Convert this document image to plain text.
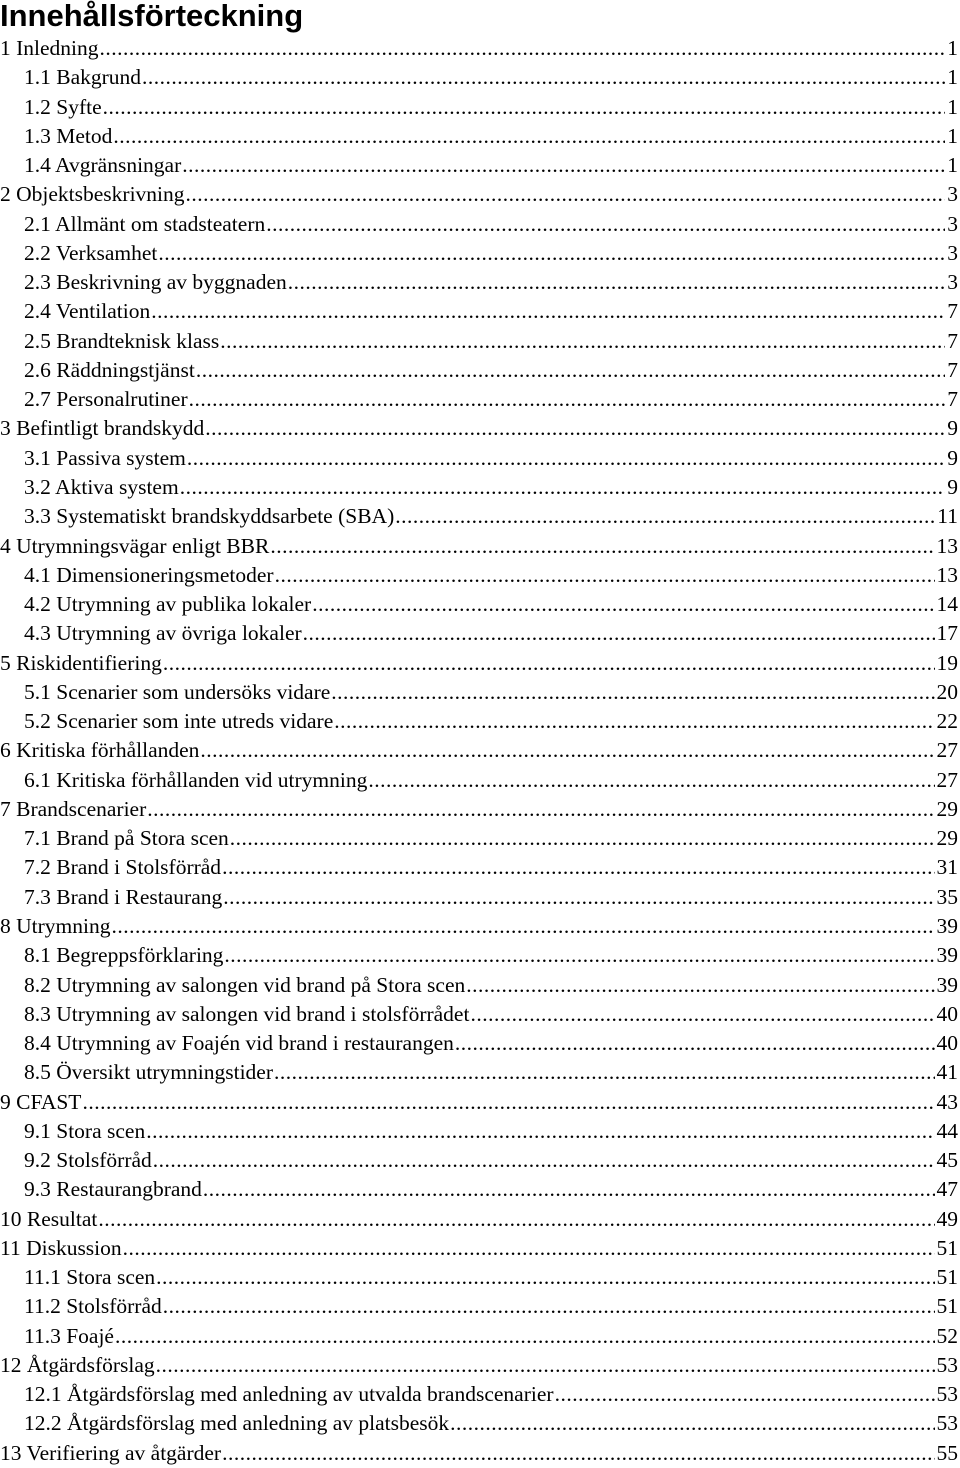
Innehållsförteckning
1 Inledning .....	1
1.1 Bakgrund .....	1
1.2 Syfte .....	1
1.3 Metod .....	1
1.4 Avgränsningar .....	1
2 Objektsbeskrivning .....	3
2.1 Allmänt om stadsteatern .....	3
2.2 Verksamhet .....	3
2.3 Beskrivning av byggnaden .....	3
2.4 Ventilation .....	7
2.5 Brandteknisk klass .....	7
2.6 Räddningstjänst .....	7
2.7 Personalrutiner .....	7
3 Befintligt brandskydd .....	9
3.1 Passiva system .....	9
3.2 Aktiva system .....	9
3.3 Systematiskt brandskyddsarbete (SBA) .....	11
4 Utrymningsvägar enligt BBR .....	13
4.1 Dimensioneringsmetoder .....	13
4.2 Utrymning av publika lokaler .....	14
4.3 Utrymning av övriga lokaler .....	17
5 Riskidentifiering .....	19
5.1 Scenarier som undersöks vidare .....	20
5.2 Scenarier som inte utreds vidare .....	22
6 Kritiska förhållanden .....	27
6.1 Kritiska förhållanden vid utrymning .....	27
7 Brandscenarier .....	29
7.1 Brand på Stora scen .....	29
7.2 Brand i Stolsförråd .....	31
7.3 Brand i Restaurang .....	35
8 Utrymning .....	39
8.1 Begreppsförklaring .....	39
8.2 Utrymning av salongen vid brand på Stora scen .....	39
8.3 Utrymning av salongen vid brand i stolsförrådet .....	40
8.4 Utrymning av Foajén vid brand i restaurangen .....	40
8.5 Översikt utrymningstider .....	41
9 CFAST .....	43
9.1 Stora scen .....	44
9.2 Stolsförråd .....	45
9.3 Restaurangbrand .....	47
10 Resultat .....	49
11 Diskussion .....	51
11.1 Stora scen .....	51
11.2 Stolsförråd .....	51
11.3 Foajé .....	52
12 Åtgärdsförslag .....	53
12.1 Åtgärdsförslag med anledning av utvalda brandscenarier .....	53
12.2 Åtgärdsförslag med anledning av platsbesök .....	53
13 Verifiering av åtgärder .....	55
